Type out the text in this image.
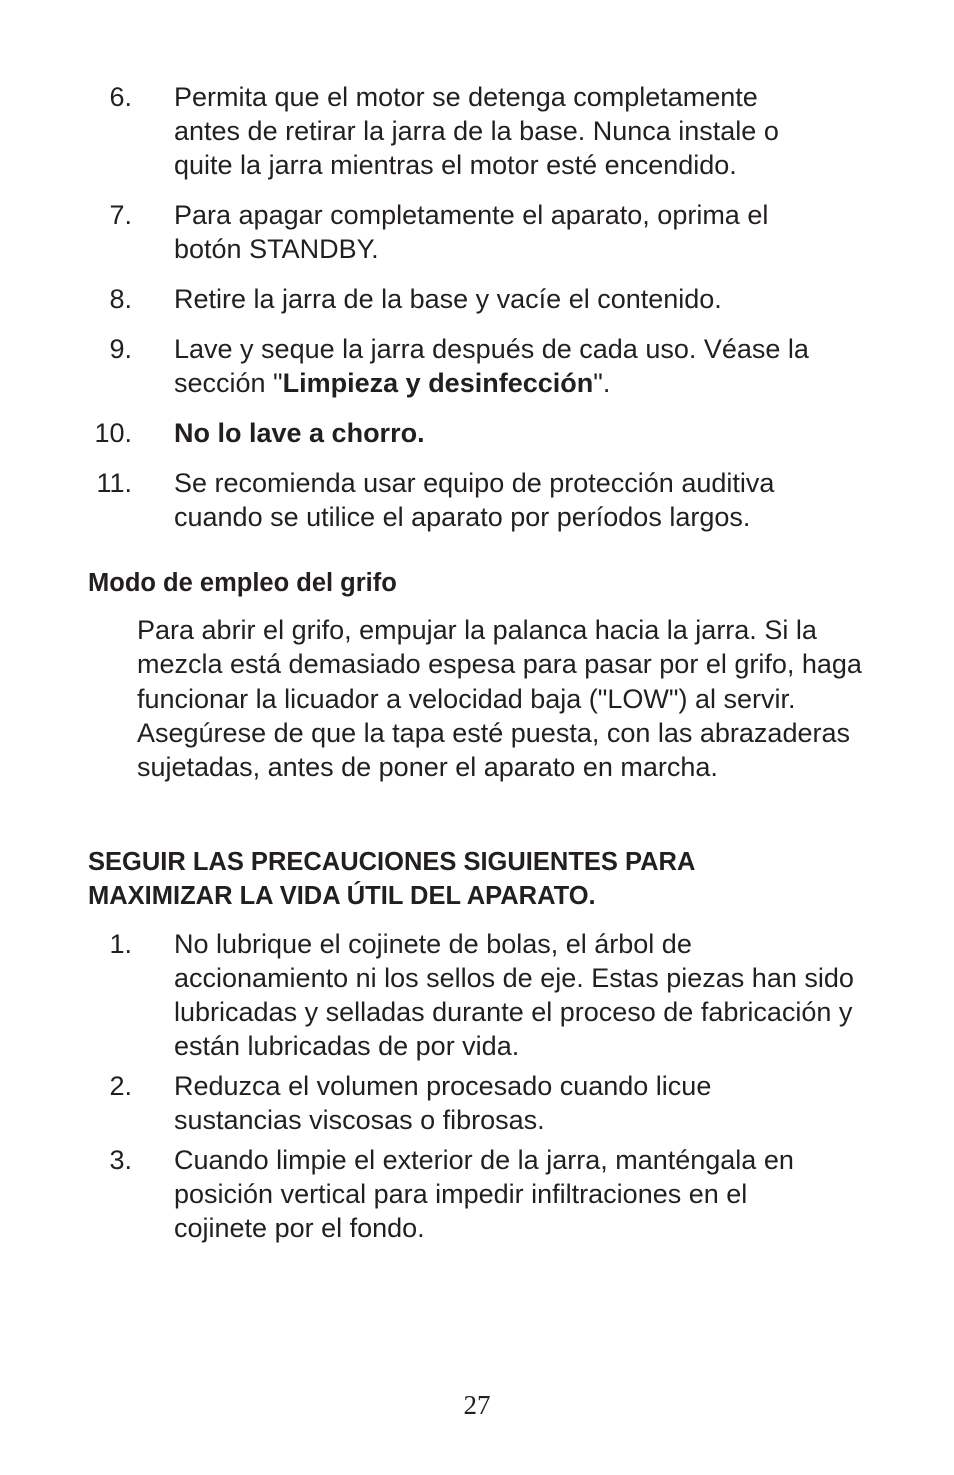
6. Permita que el motor se detenga completamente antes de retirar la jarra de la base. Nunca instale o quite la jarra mientras el motor esté encendido.
7. Para apagar completamente el aparato, oprima el botón STANDBY.
8. Retire la jarra de la base y vacíe el contenido.
9. Lave y seque la jarra después de cada uso. Véase la sección "Limpieza y desinfección".
10. No lo lave a chorro.
11. Se recomienda usar equipo de protección auditiva cuando se utilice el aparato por períodos largos.
Modo de empleo del grifo

Para abrir el grifo, empujar la palanca hacia la jarra. Si la mezcla está demasiado espesa para pasar por el grifo, haga funcionar la licuador a velocidad baja ("LOW") al servir. Asegúrese de que la tapa esté puesta, con las abrazaderas sujetadas, antes de poner el aparato en marcha.

SEGUIR LAS PRECAUCIONES SIGUIENTES PARA MAXIMIZAR LA VIDA ÚTIL DEL APARATO.
1. No lubrique el cojinete de bolas, el árbol de accionamiento ni los sellos de eje. Estas piezas han sido lubricadas y selladas durante el proceso de fabricación y están lubricadas de por vida.
2. Reduzca el volumen procesado cuando licue sustancias viscosas o fibrosas.
3. Cuando limpie el exterior de la jarra, manténgala en posición vertical para impedir infiltraciones en el cojinete por el fondo.
27
